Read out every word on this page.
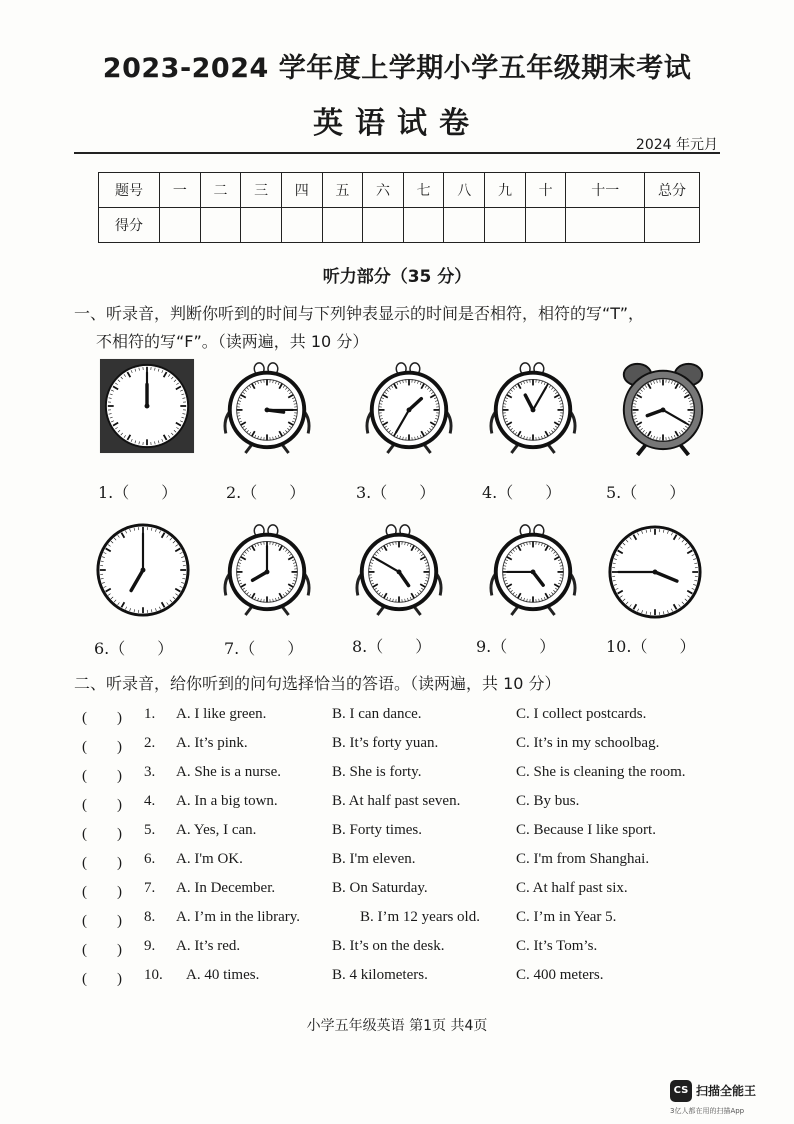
2023-2024 学年度上学期小学五年级期末考试
英语试卷
2024 年元月
题号	一	二	三	四	五	六	七	八	九	十	十一	总分
得分												
听力部分（35 分）
一、听录音，判断你听到的时间与下列钟表显示的时间是否相符，相符的写“T”，
不相符的写“F”。（读两遍，共 10 分）
1.（　　）	2.（　　）	3.（　　）	4.（　　）	5.（　　）
6.（　　）	7.（　　）	8.（　　）	9.（　　）	10.（　　）
二、听录音，给你听到的问句选择恰当的答语。（读两遍，共 10 分）
(　　) 1. A. I like green.	B. I can dance.	C. I collect postcards.
(　　) 2. A. It’s pink.	B. It’s forty yuan.	C. It’s in my schoolbag.
(　　) 3. A. She is a nurse.	B. She is forty.	C. She is cleaning the room.
(　　) 4. A. In a big town.	B. At half past seven.	C. By bus.
(　　) 5. A. Yes, I can.	B. Forty times.	C. Because I like sport.
(　　) 6. A. I'm OK.	B. I'm eleven.	C. I'm from Shanghai.
(　　) 7. A. In December.	B. On Saturday.	C. At half past six.
(　　) 8. A. I’m in the library.	B. I’m 12 years old. C. I’m in Year 5.
(　　) 9. A. It’s red.	B. It’s on the desk.	C. It’s Tom’s.
(　　) 10. A. 40 times.	B. 4 kilometers.	C. 400 meters.
小学五年级英语 第1页 共4页
CS 扫描全能王
3亿人都在用的扫描App
